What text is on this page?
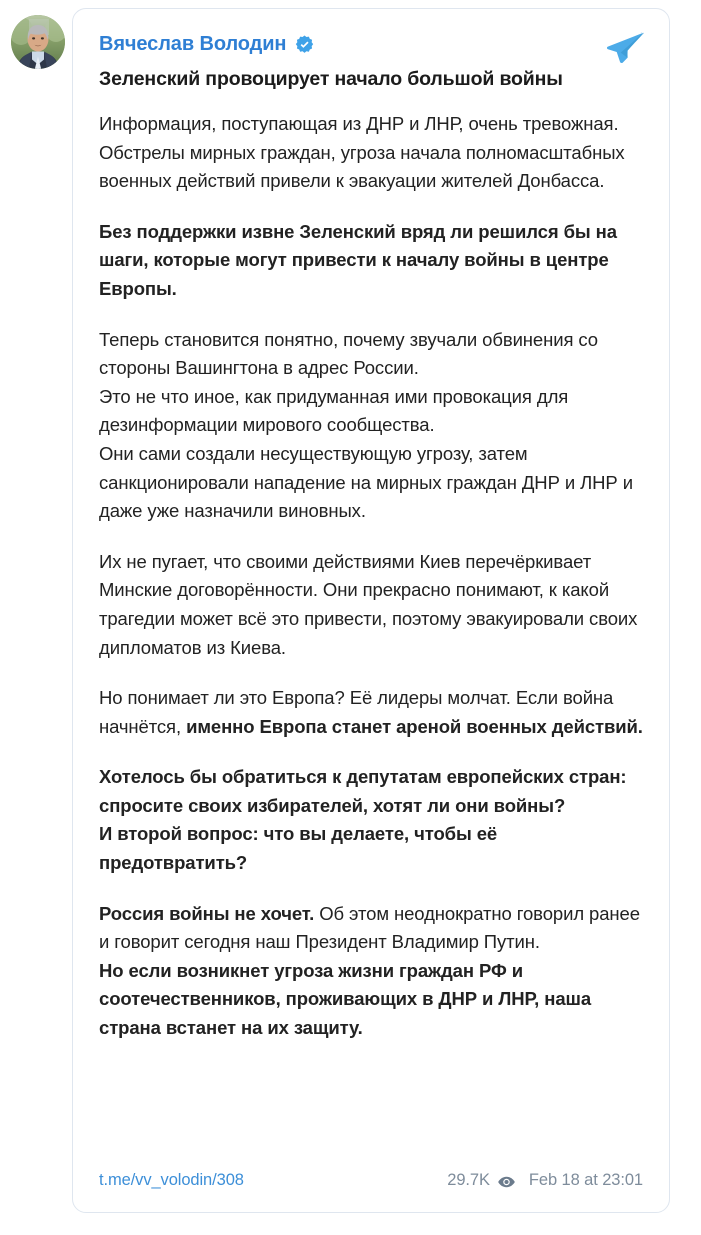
Вячеслав Володин
Зеленский провоцирует начало большой войны
Информация, поступающая из ДНР и ЛНР, очень тревожная.
Обстрелы мирных граждан, угроза начала полномасштабных военных действий привели к эвакуации жителей Донбасса.
Без поддержки извне Зеленский вряд ли решился бы на шаги, которые могут привести к началу войны в центре Европы.
Теперь становится понятно, почему звучали обвинения со стороны Вашингтона в адрес России.
Это не что иное, как придуманная ими провокация для дезинформации мирового сообщества.
Они сами создали несуществующую угрозу, затем санкционировали нападение на мирных граждан ДНР и ЛНР и даже уже назначили виновных.
Их не пугает, что своими действиями Киев перечёркивает Минские договорённости. Они прекрасно понимают, к какой трагедии может всё это привести, поэтому эвакуировали своих дипломатов из Киева.
Но понимает ли это Европа? Её лидеры молчат. Если война начнётся, именно Европа станет ареной военных действий.
Хотелось бы обратиться к депутатам европейских стран: спросите своих избирателей, хотят ли они войны?
И второй вопрос: что вы делаете, чтобы её предотвратить?
Россия войны не хочет. Об этом неоднократно говорил ранее и говорит сегодня наш Президент Владимир Путин.
Но если возникнет угроза жизни граждан РФ и соотечественников, проживающих в ДНР и ЛНР, наша страна встанет на их защиту.
t.me/vv_volodin/308	29.7K Feb 18 at 23:01
